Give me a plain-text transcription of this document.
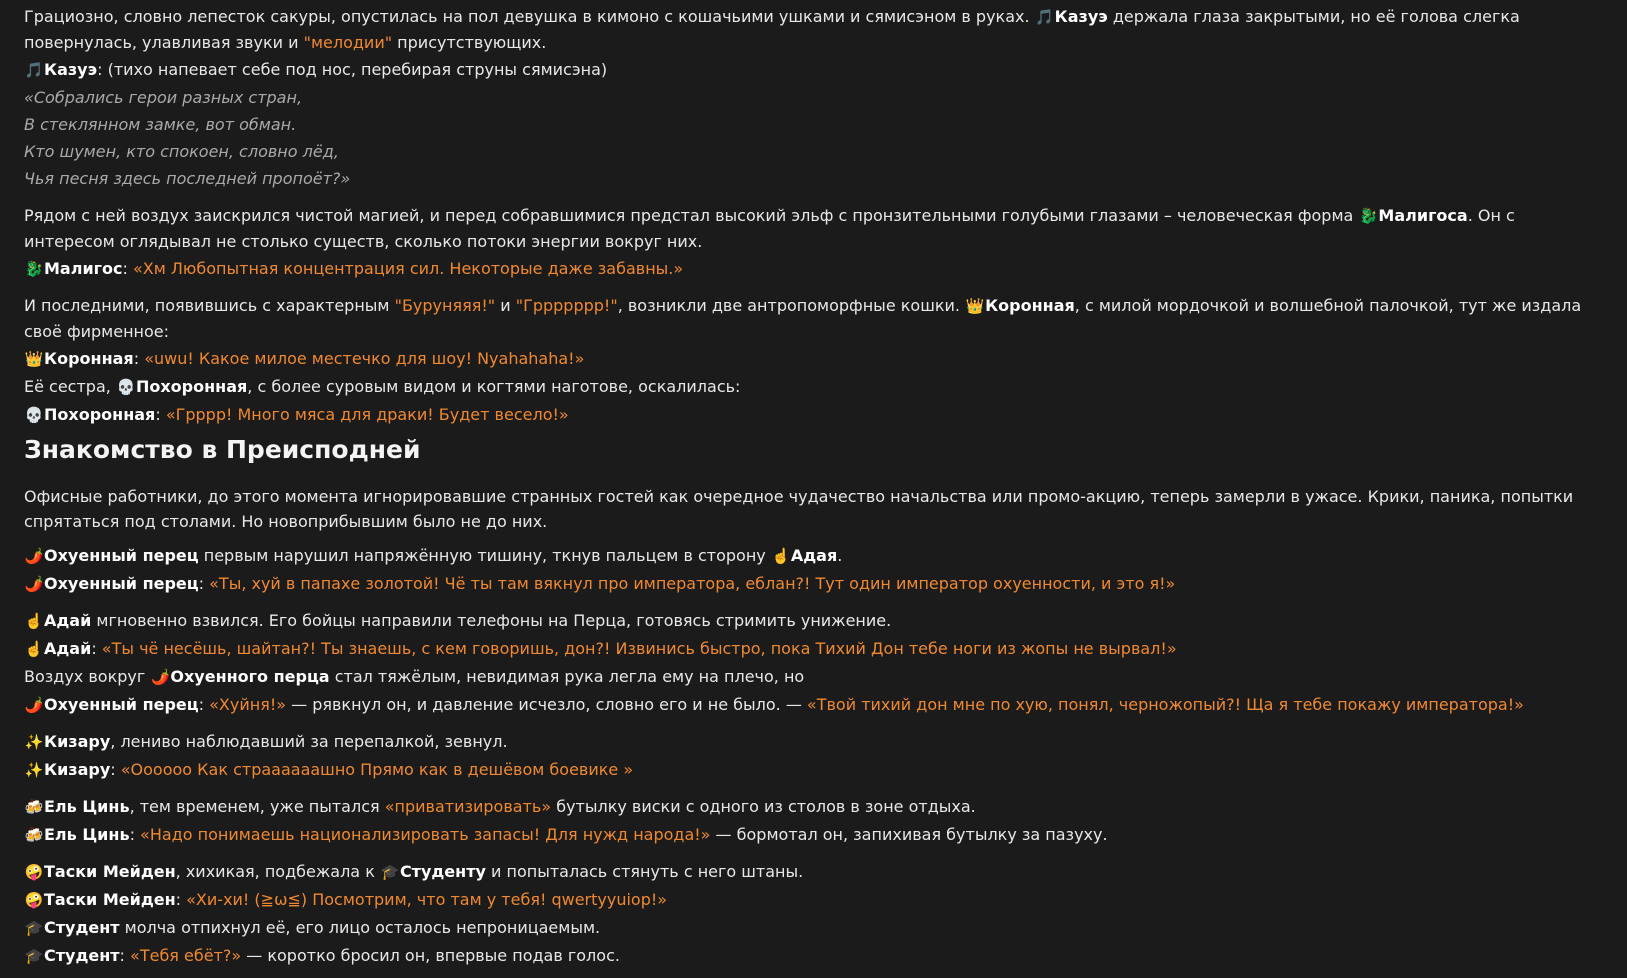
Грациозно, словно лепесток сакуры, опустилась на пол девушка в кимоно с кошачьими ушками и сямисэном в руках. 🎵Казуэ держала глаза закрытыми, но её голова слегка повернулась, улавливая звуки и "мелодии" присутствующих.
🎵Казуэ: (тихо напевает себе под нос, перебирая струны сямисэна)
«Собрались герои разных стран,
В стеклянном замке, вот обман.
Кто шумен, кто спокоен, словно лёд,
Чья песня здесь последней пропоёт?»
Рядом с ней воздух заискрился чистой магией, и перед собравшимися предстал высокий эльф с пронзительными голубыми глазами – человеческая форма 🐉Малигоса. Он с интересом оглядывал не столько существ, сколько потоки энергии вокруг них.
🐉Малигос: «Хм Любопытная концентрация сил. Некоторые даже забавны.»
И последними, появившись с характерным "Буруняяя!" и "Гррррррр!", возникли две антропоморфные кошки. 👑Коронная, с милой мордочкой и волшебной палочкой, тут же издала своё фирменное:
👑Коронная: «uwu! Какое милое местечко для шоу! Nyahahaha!»
Её сестра, 💀Похоронная, с более суровым видом и когтями наготове, оскалилась:
💀Похоронная: «Грррр! Много мяса для драки! Будет весело!»
Знакомство в Преисподней
Офисные работники, до этого момента игнорировавшие странных гостей как очередное чудачество начальства или промо-акцию, теперь замерли в ужасе. Крики, паника, попытки спрятаться под столами. Но новоприбывшим было не до них.
🌶️Охуенный перец первым нарушил напряжённую тишину, ткнув пальцем в сторону ☝️Адая.
🌶️Охуенный перец: «Ты, хуй в папахе золотой! Чё ты там вякнул про императора, еблан?! Тут один император охуенности, и это я!»
☝️Адай мгновенно взвился. Его бойцы направили телефоны на Перца, готовясь стримить унижение.
☝️Адай: «Ты чё несёшь, шайтан?! Ты знаешь, с кем говоришь, дон?! Извинись быстро, пока Тихий Дон тебе ноги из жопы не вырвал!»
Воздух вокруг 🌶️Охуенного перца стал тяжёлым, невидимая рука легла ему на плечо, но
🌶️Охуенный перец: «Хуйня!» — рявкнул он, и давление исчезло, словно его и не было. — «Твой тихий дон мне по хую, понял, черножопый?! Ща я тебе покажу императора!»
✨Кизару, лениво наблюдавший за перепалкой, зевнул.
✨Кизару: «Оооооо Как страааааашно Прямо как в дешёвом боевике »
🍻Ель Цинь, тем временем, уже пытался «приватизировать» бутылку виски с одного из столов в зоне отдыха.
🍻Ель Цинь: «Надо понимаешь национализировать запасы! Для нужд народа!» — бормотал он, запихивая бутылку за пазуху.
🤪Таски Мейден, хихикая, подбежала к 🎓Студенту и попыталась стянуть с него штаны.
🤪Таски Мейден: «Хи-хи! (≧ω≦) Посмотрим, что там у тебя! qwertyyuiop!»
🎓Студент молча отпихнул её, его лицо осталось непроницаемым.
🎓Студент: «Тебя ебёт?» — коротко бросил он, впервые подав голос.
